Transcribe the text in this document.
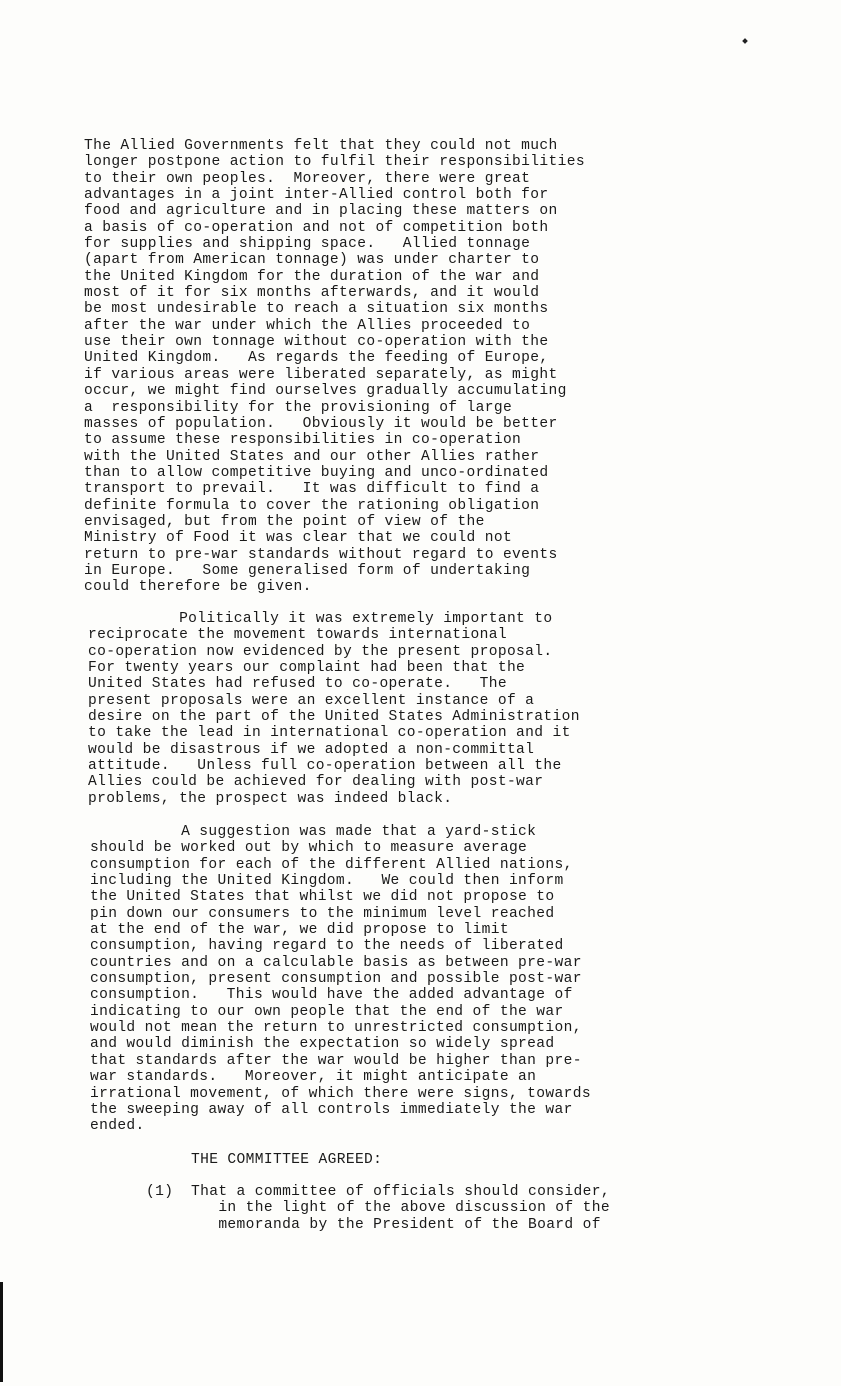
The Allied Governments felt that they could not much
longer postpone action to fulfil their responsibilities
to their own peoples.  Moreover, there were great
advantages in a joint inter-Allied control both for
food and agriculture and in placing these matters on
a basis of co-operation and not of competition both
for supplies and shipping space.   Allied tonnage
(apart from American tonnage) was under charter to
the United Kingdom for the duration of the war and
most of it for six months afterwards, and it would
be most undesirable to reach a situation six months
after the war under which the Allies proceeded to
use their own tonnage without co-operation with the
United Kingdom.   As regards the feeding of Europe,
if various areas were liberated separately, as might
occur, we might find ourselves gradually accumulating
a  responsibility for the provisioning of large
masses of population.   Obviously it would be better
to assume these responsibilities in co-operation
with the United States and our other Allies rather
than to allow competitive buying and unco-ordinated
transport to prevail.   It was difficult to find a
definite formula to cover the rationing obligation
envisaged, but from the point of view of the
Ministry of Food it was clear that we could not
return to pre-war standards without regard to events
in Europe.   Some generalised form of undertaking
could therefore be given.
Politically it was extremely important to
reciprocate the movement towards international
co-operation now evidenced by the present proposal.
For twenty years our complaint had been that the
United States had refused to co-operate.   The
present proposals were an excellent instance of a
desire on the part of the United States Administration
to take the lead in international co-operation and it
would be disastrous if we adopted a non-committal
attitude.   Unless full co-operation between all the
Allies could be achieved for dealing with post-war
problems, the prospect was indeed black.
A suggestion was made that a yard-stick
should be worked out by which to measure average
consumption for each of the different Allied nations,
including the United Kingdom.   We could then inform
the United States that whilst we did not propose to
pin down our consumers to the minimum level reached
at the end of the war, we did propose to limit
consumption, having regard to the needs of liberated
countries and on a calculable basis as between pre-war
consumption, present consumption and possible post-war
consumption.   This would have the added advantage of
indicating to our own people that the end of the war
would not mean the return to unrestricted consumption,
and would diminish the expectation so widely spread
that standards after the war would be higher than pre-
war standards.   Moreover, it might anticipate an
irrational movement, of which there were signs, towards
the sweeping away of all controls immediately the war
ended.
THE COMMITTEE AGREED:
(1) That a committee of officials should consider,
in the light of the above discussion of the
memoranda by the President of the Board of
